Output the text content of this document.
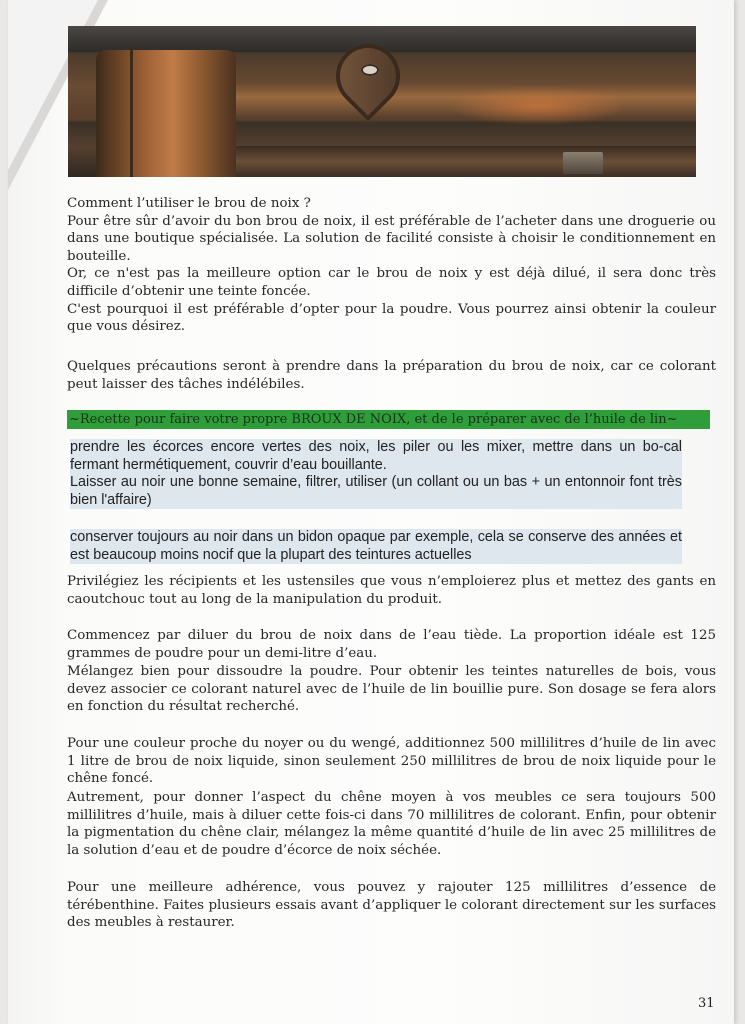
Comment l’utiliser le brou de noix ?

Pour être sûr d’avoir du bon brou de noix, il est préférable de l’acheter dans une droguerie ou dans une boutique spécialisée. La solution de facilité consiste à choisir le conditionnement en bouteille.

Or, ce n'est pas la meilleure option car le brou de noix y est déjà dilué, il sera donc très difficile d’obtenir une teinte foncée.

C'est pourquoi il est préférable d’opter pour la poudre. Vous pourrez ainsi obtenir la couleur que vous désirez.

Quelques précautions seront à prendre dans la préparation du brou de noix, car ce colorant peut laisser des tâches indélébiles.
~Recette pour faire votre propre BROUX DE NOIX, et de le préparer avec de l’huile de lin~

prendre les écorces encore vertes des noix, les piler ou les mixer, mettre dans un bo-cal fermant hermétiquement, couvrir d’eau bouillante.

Laisser au noir une bonne semaine, filtrer, utiliser (un collant ou un bas + un entonnoir font très bien l'affaire)

conserver toujours au noir dans un bidon opaque par exemple, cela se conserve des années et est beaucoup moins nocif que la plupart des teintures actuelles
Privilégiez les récipients et les ustensiles que vous n’emploierez plus et mettez des gants en caoutchouc tout au long de la manipulation du produit.
Commencez par diluer du brou de noix dans de l’eau tiède. La proportion idéale est 125 grammes de poudre pour un demi-litre d’eau.
Mélangez bien pour dissoudre la poudre. Pour obtenir les teintes naturelles de bois, vous devez associer ce colorant naturel avec de l’huile de lin bouillie pure. Son dosage se fera alors en fonction du résultat recherché.
Pour une couleur proche du noyer ou du wengé, additionnez 500 millilitres d’huile de lin avec 1 litre de brou de noix liquide, sinon seulement 250 millilitres de brou de noix liquide pour le chêne foncé.
Autrement, pour donner l’aspect du chêne moyen à vos meubles ce sera toujours 500 millilitres d’huile, mais à diluer cette fois-ci dans 70 millilitres de colorant. Enfin, pour obtenir la pigmentation du chêne clair, mélangez la même quantité d’huile de lin avec 25 millilitres de la solution d’eau et de poudre d’écorce de noix séchée.
Pour une meilleure adhérence, vous pouvez y rajouter 125 millilitres d’essence de térébenthine. Faites plusieurs essais avant d’appliquer le colorant directement sur les surfaces des meubles à restaurer.
31
